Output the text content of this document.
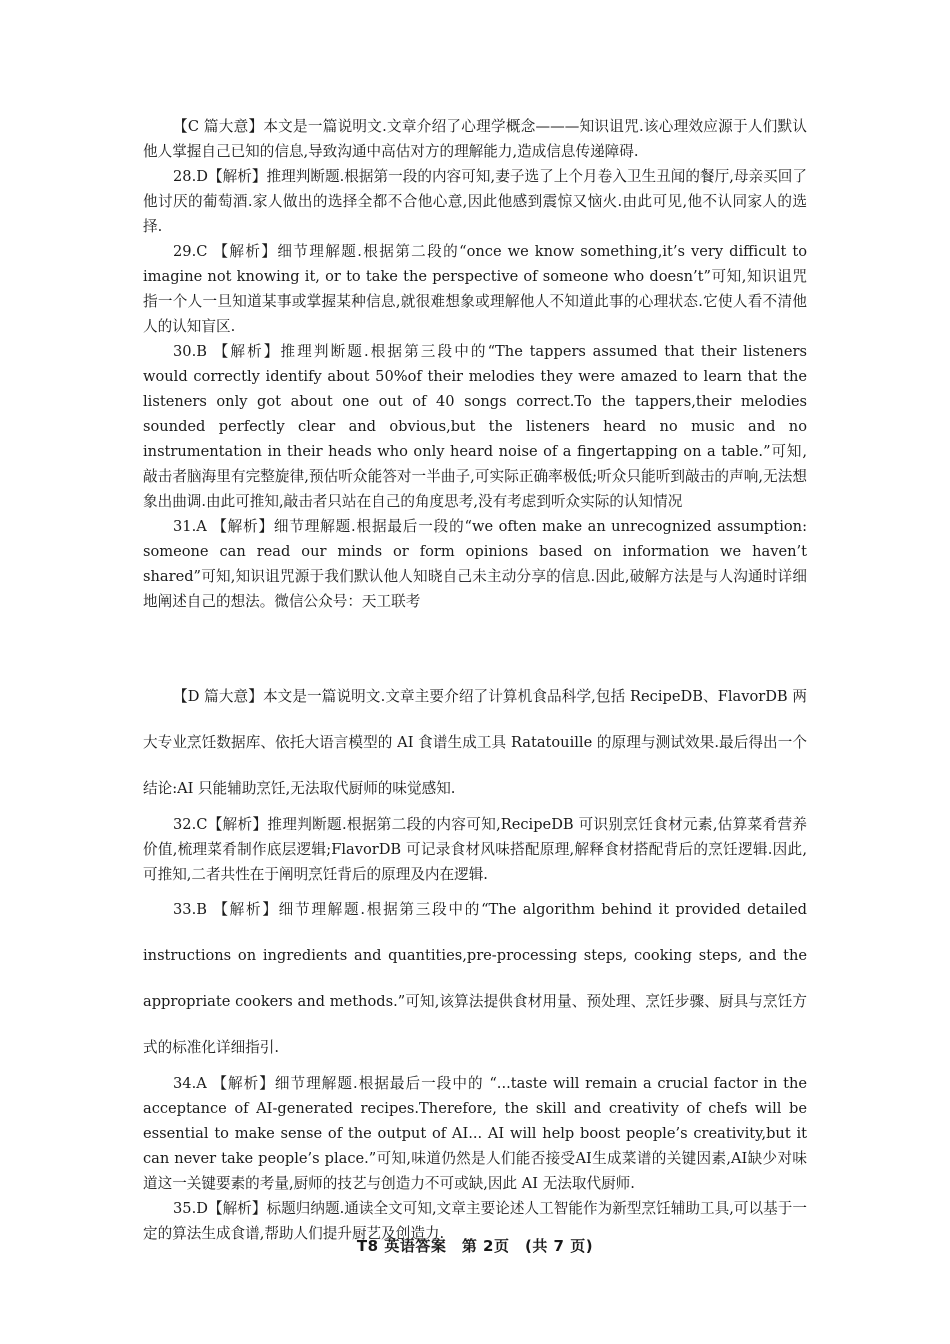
【C 篇大意】本文是一篇说明文.文章介绍了心理学概念———知识诅咒.该心理效应源于人们默认他人掌握自己已知的信息,导致沟通中高估对方的理解能力,造成信息传递障碍.

28.D【解析】推理判断题.根据第一段的内容可知,妻子选了上个月卷入卫生丑闻的餐厅,母亲买回了他讨厌的葡萄酒.家人做出的选择全都不合他心意,因此他感到震惊又恼火.由此可见,他不认同家人的选择.

29.C 【解析】细节理解题.根据第二段的“once we know something,it’s very difficult to imagine not knowing it, or to take the perspective of someone who doesn’t”可知,知识诅咒指一个人一旦知道某事或掌握某种信息,就很难想象或理解他人不知道此事的心理状态.它使人看不清他人的认知盲区.

30.B 【解析】推理判断题.根据第三段中的“The tappers assumed that their listeners would correctly identify about 50%of their melodies they were amazed to learn that the listeners only got about one out of 40 songs correct.To the tappers,their melodies sounded perfectly clear and obvious,but the listeners heard no music and no instrumentation in their heads who only heard noise of a fingertapping on a table.”可知,敲击者脑海里有完整旋律,预估听众能答对一半曲子,可实际正确率极低;听众只能听到敲击的声响,无法想象出曲调.由此可推知,敲击者只站在自己的角度思考,没有考虑到听众实际的认知情况

31.A 【解析】细节理解题.根据最后一段的“we often make an unrecognized assumption: someone can read our minds or form opinions based on information we haven’t shared”可知,知识诅咒源于我们默认他人知晓自己未主动分享的信息.因此,破解方法是与人沟通时详细地阐述自己的想法。微信公众号：天工联考

【D 篇大意】本文是一篇说明文.文章主要介绍了计算机食品科学,包括 RecipeDB、FlavorDB 两大专业烹饪数据库、依托大语言模型的 AI 食谱生成工具 Ratatouille 的原理与测试效果.最后得出一个结论:AI 只能辅助烹饪,无法取代厨师的味觉感知.

32.C【解析】推理判断题.根据第二段的内容可知,RecipeDB 可识别烹饪食材元素,估算菜肴营养价值,梳理菜肴制作底层逻辑;FlavorDB 可记录食材风味搭配原理,解释食材搭配背后的烹饪逻辑.因此,可推知,二者共性在于阐明烹饪背后的原理及内在逻辑.

33.B 【解析】细节理解题.根据第三段中的“The algorithm behind it provided detailed instructions on ingredients and quantities,pre-processing steps, cooking steps, and the appropriate cookers and methods.”可知,该算法提供食材用量、预处理、烹饪步骤、厨具与烹饪方式的标准化详细指引.

34.A 【解析】细节理解题.根据最后一段中的 “...taste will remain a crucial factor in the acceptance of AI-generated recipes.Therefore, the skill and creativity of chefs will be essential to make sense of the output of AI... AI will help boost people’s creativity,but it can never take people’s place.”可知,味道仍然是人们能否接受AI生成菜谱的关键因素,AI缺少对味道这一关键要素的考量,厨师的技艺与创造力不可或缺,因此 AI 无法取代厨师.

35.D【解析】标题归纳题.通读全文可知,文章主要论述人工智能作为新型烹饪辅助工具,可以基于一定的算法生成食谱,帮助人们提升厨艺及创造力.

T8 英语答案　第 2页　(共 7 页)
